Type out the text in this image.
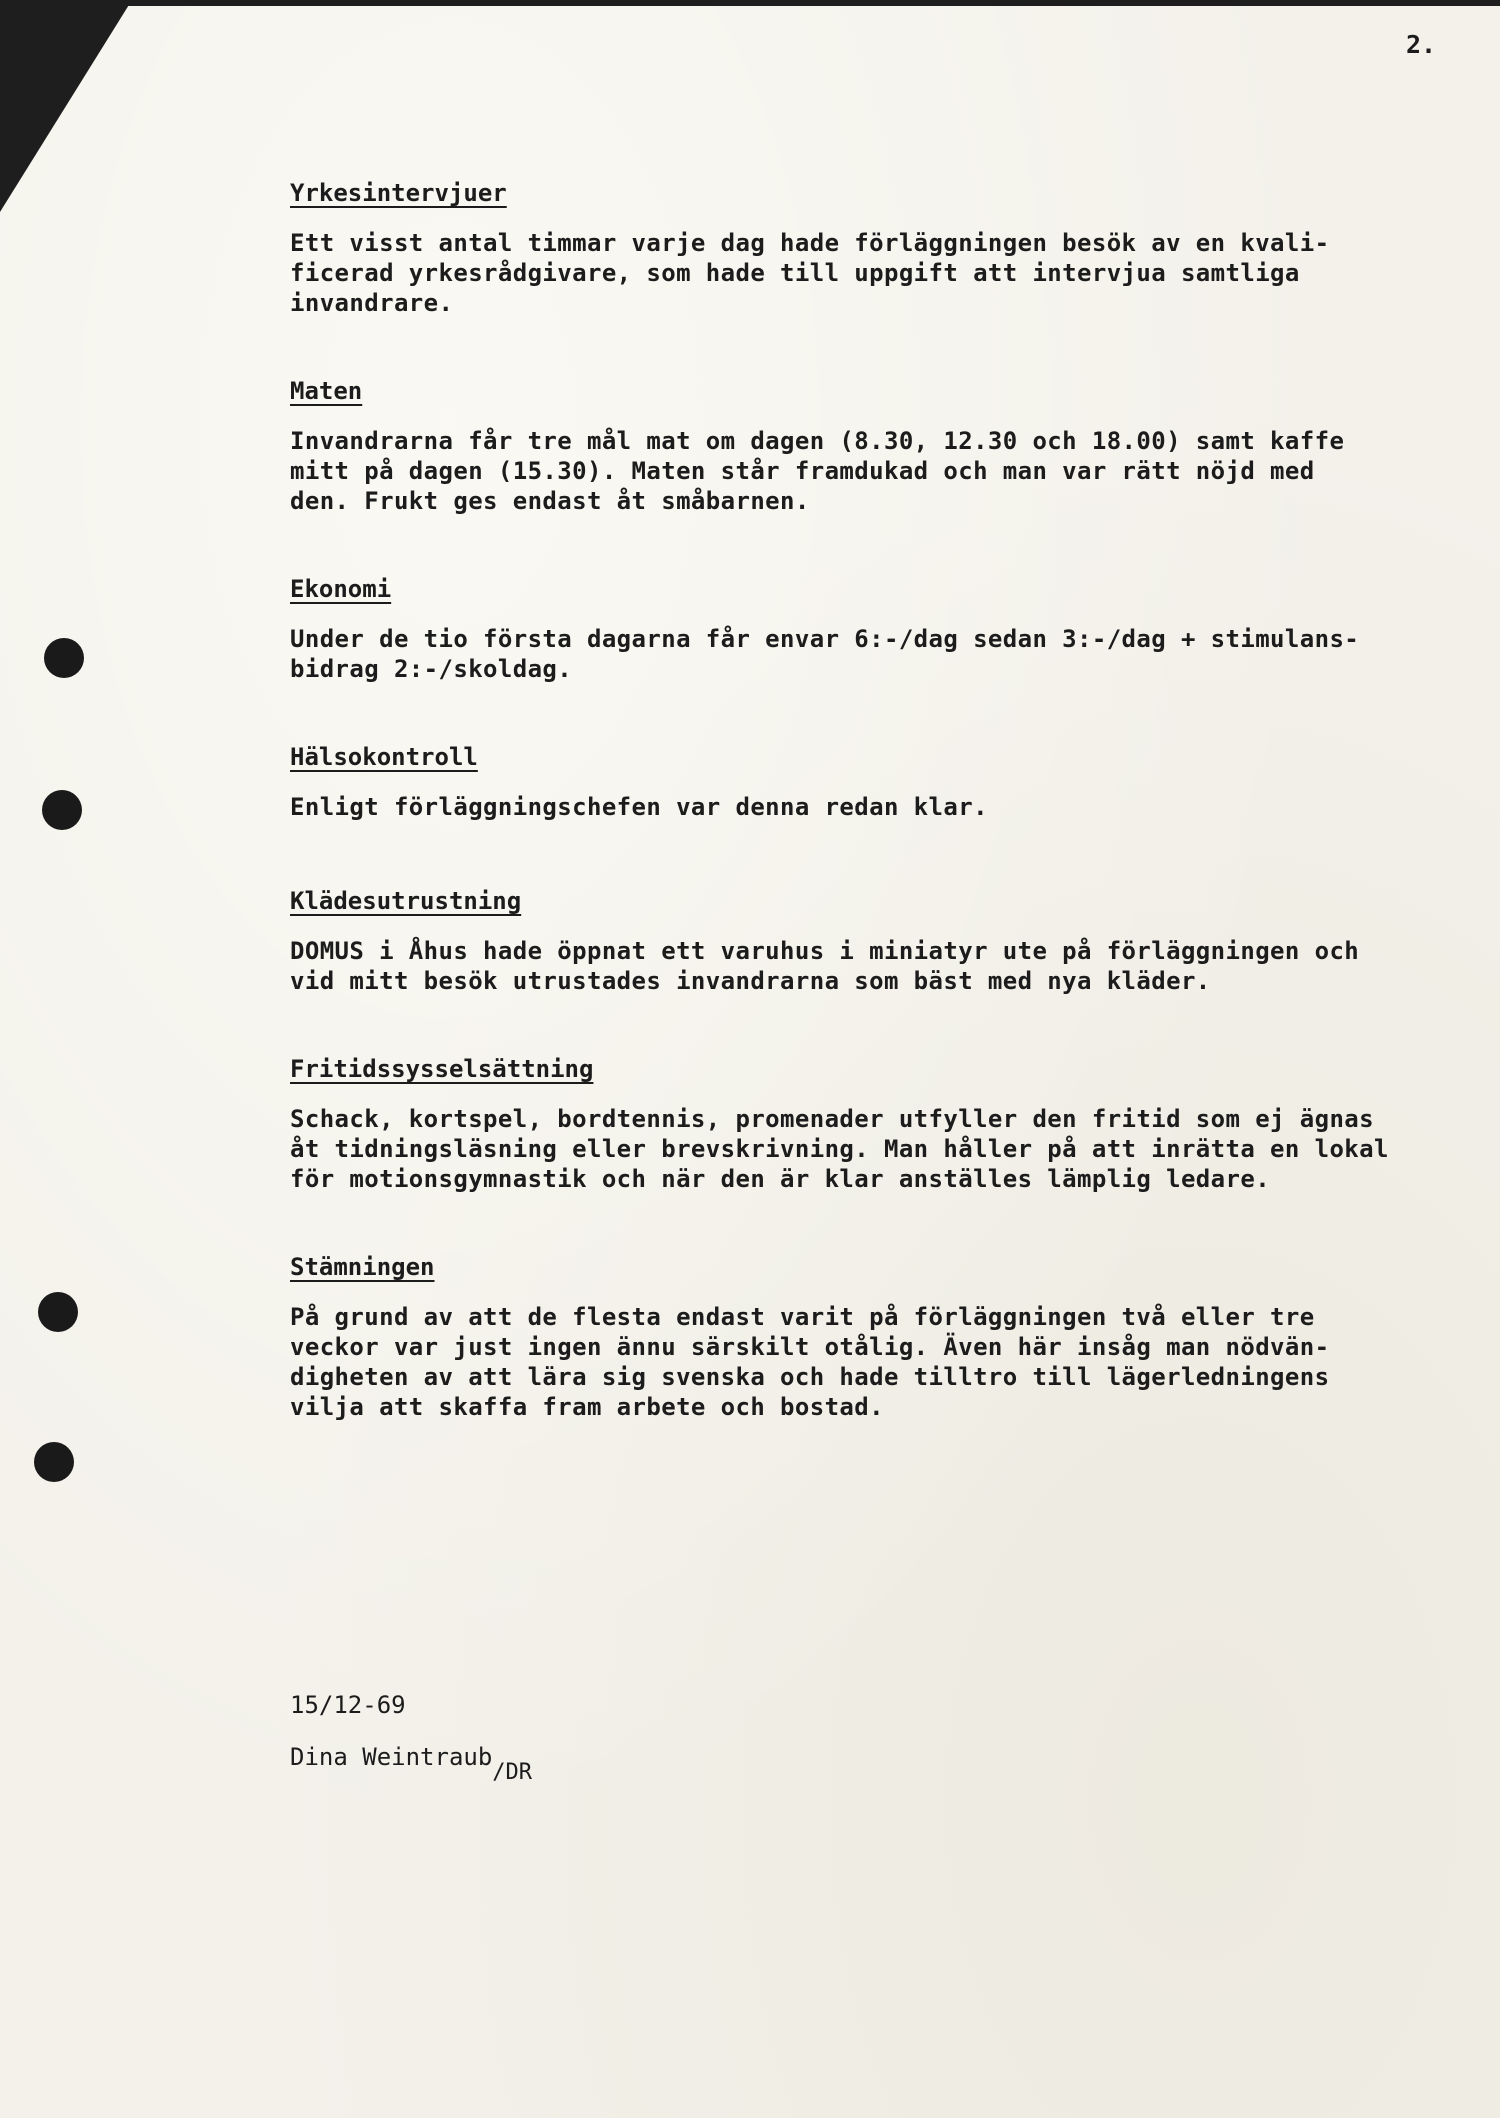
2.
Yrkesintervjuer

Ett visst antal timmar varje dag hade förläggningen besök av en kvali-
ficerad yrkesrådgivare, som hade till uppgift att intervjua samtliga
invandrare.

Maten

Invandrarna får tre mål mat om dagen (8.30, 12.30 och 18.00) samt kaffe
mitt på dagen (15.30). Maten står framdukad och man var rätt nöjd med
den. Frukt ges endast åt småbarnen.

Ekonomi

Under de tio första dagarna får envar 6:-/dag sedan 3:-/dag + stimulans-
bidrag 2:-/skoldag.

Hälsokontroll

Enligt förläggningschefen var denna redan klar.

Klädesutrustning

DOMUS i Åhus hade öppnat ett varuhus i miniatyr ute på förläggningen och
vid mitt besök utrustades invandrarna som bäst med nya kläder.

Fritidssysselsättning

Schack, kortspel, bordtennis, promenader utfyller den fritid som ej ägnas
åt tidningsläsning eller brevskrivning. Man håller på att inrätta en lokal
för motionsgymnastik och när den är klar anställes lämplig ledare.

Stämningen

På grund av att de flesta endast varit på förläggningen två eller tre
veckor var just ingen ännu särskilt otålig. Även här insåg man nödvän-
digheten av att lära sig svenska och hade tilltro till lägerledningens
vilja att skaffa fram arbete och bostad.

15/12-69
Dina Weintraub/DR
